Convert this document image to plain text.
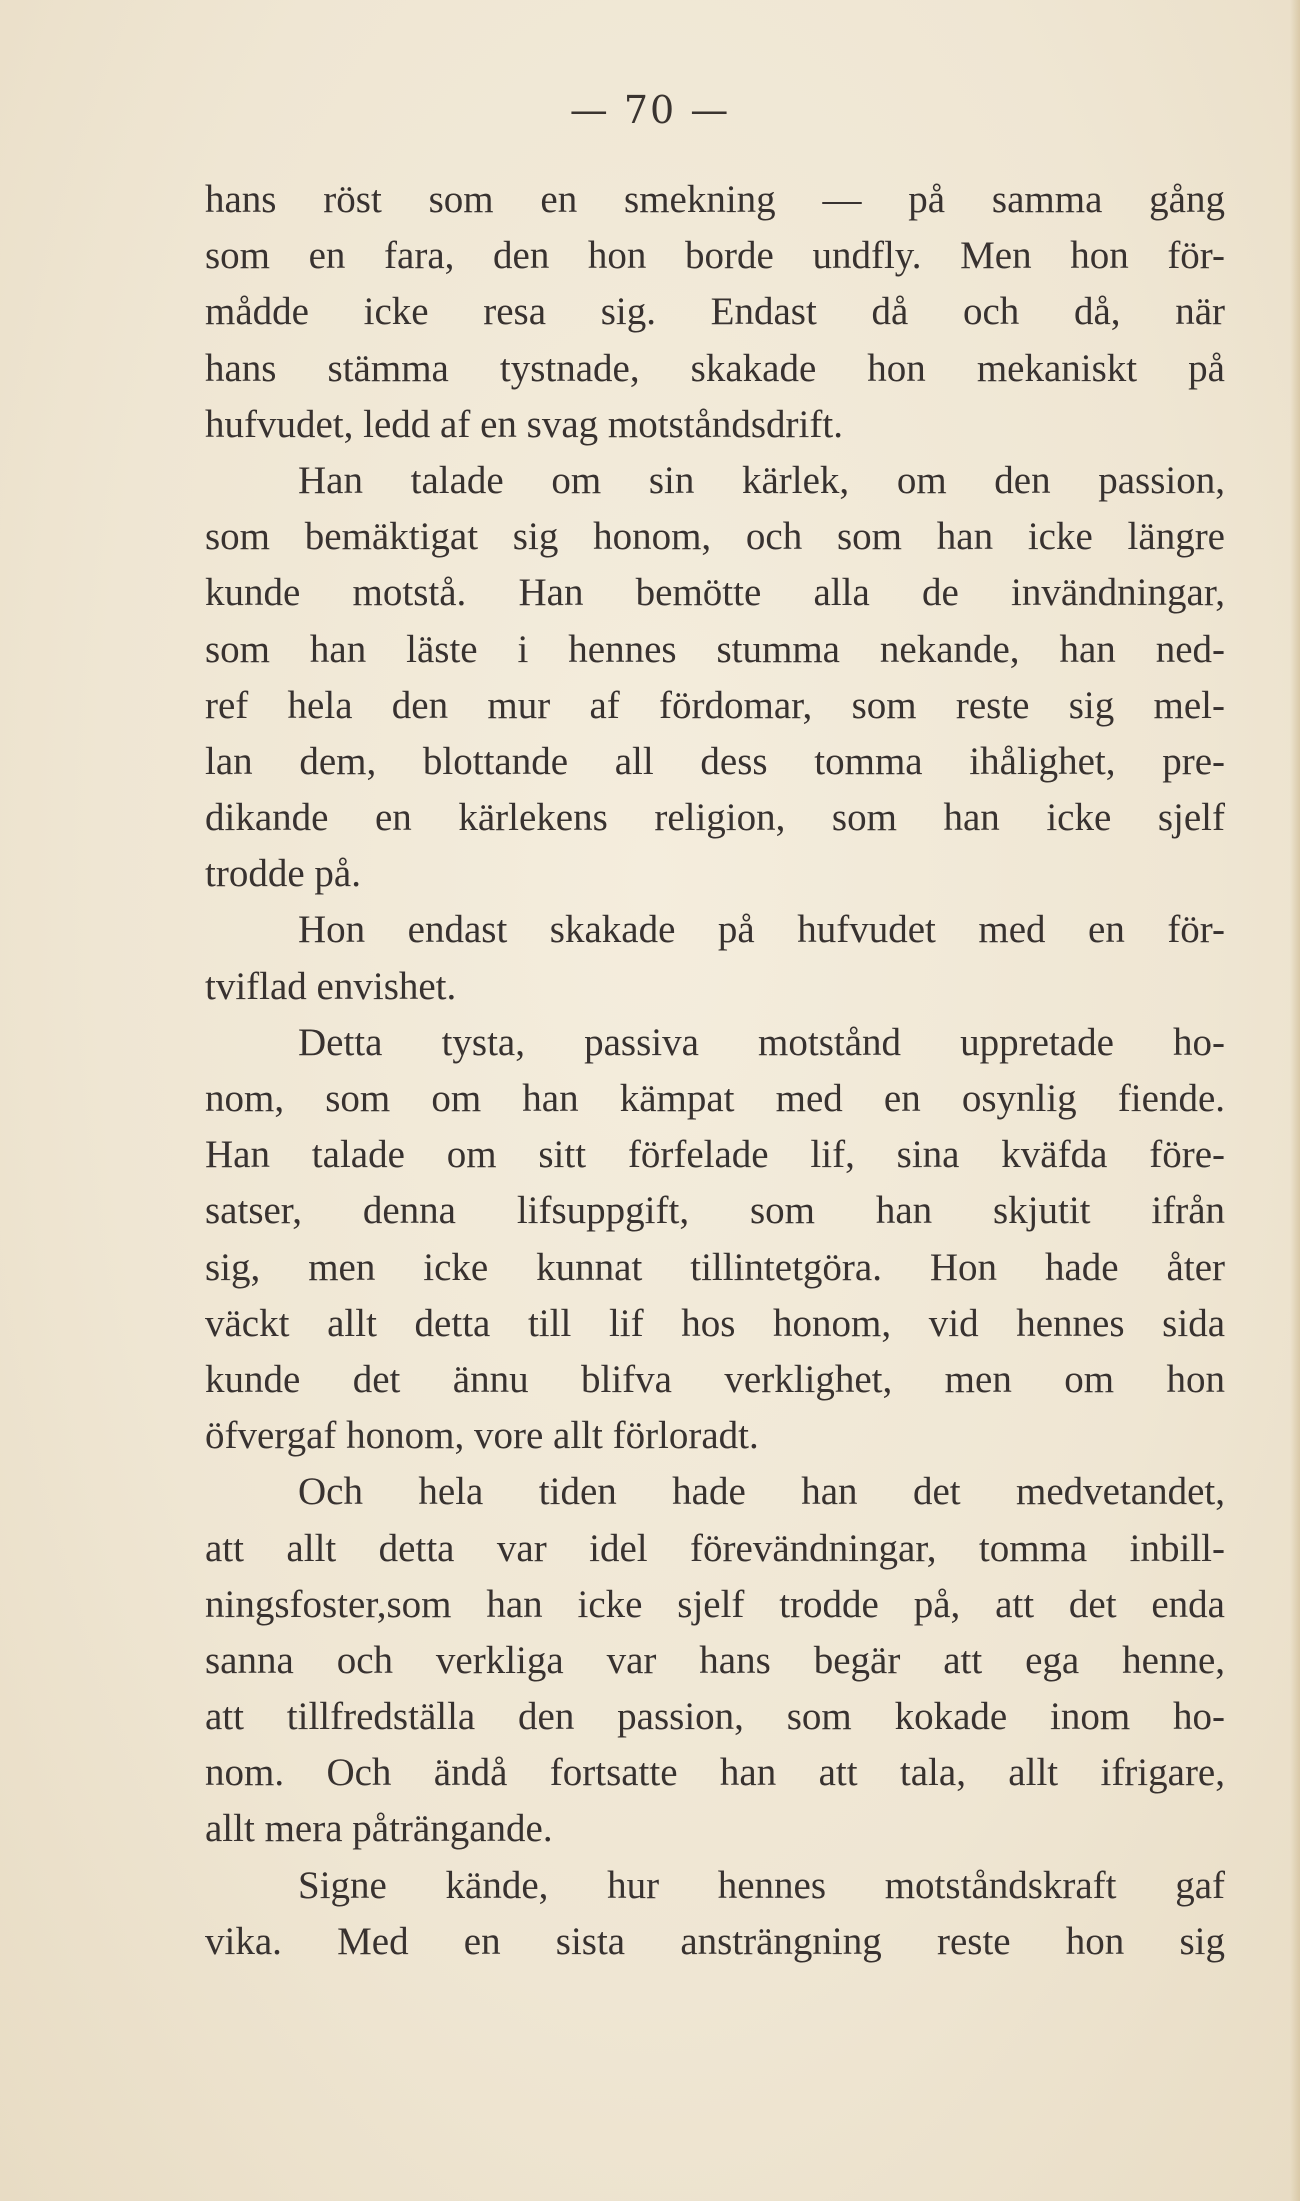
— 70 —
hans röst som en smekning — på samma gång
som en fara, den hon borde undfly. Men hon för-
mådde icke resa sig. Endast då och då, när
hans stämma tystnade, skakade hon mekaniskt på
hufvudet, ledd af en svag motståndsdrift.
Han talade om sin kärlek, om den passion,
som bemäktigat sig honom, och som han icke längre
kunde motstå. Han bemötte alla de invändningar,
som han läste i hennes stumma nekande, han ned-
ref hela den mur af fördomar, som reste sig mel-
lan dem, blottande all dess tomma ihålighet, pre-
dikande en kärlekens religion, som han icke sjelf
trodde på.
Hon endast skakade på hufvudet med en för-
tviflad envishet.
Detta tysta, passiva motstånd uppretade ho-
nom, som om han kämpat med en osynlig fiende.
Han talade om sitt förfelade lif, sina kväfda före-
satser, denna lifsuppgift, som han skjutit ifrån
sig, men icke kunnat tillintetgöra. Hon hade åter
väckt allt detta till lif hos honom, vid hennes sida
kunde det ännu blifva verklighet, men om hon
öfvergaf honom, vore allt förloradt.
Och hela tiden hade han det medvetandet,
att allt detta var idel förevändningar, tomma inbill-
ningsfoster,som han icke sjelf trodde på, att det enda
sanna och verkliga var hans begär att ega henne,
att tillfredställa den passion, som kokade inom ho-
nom. Och ändå fortsatte han att tala, allt ifrigare,
allt mera påträngande.
Signe kände, hur hennes motståndskraft gaf
vika. Med en sista ansträngning reste hon sig
